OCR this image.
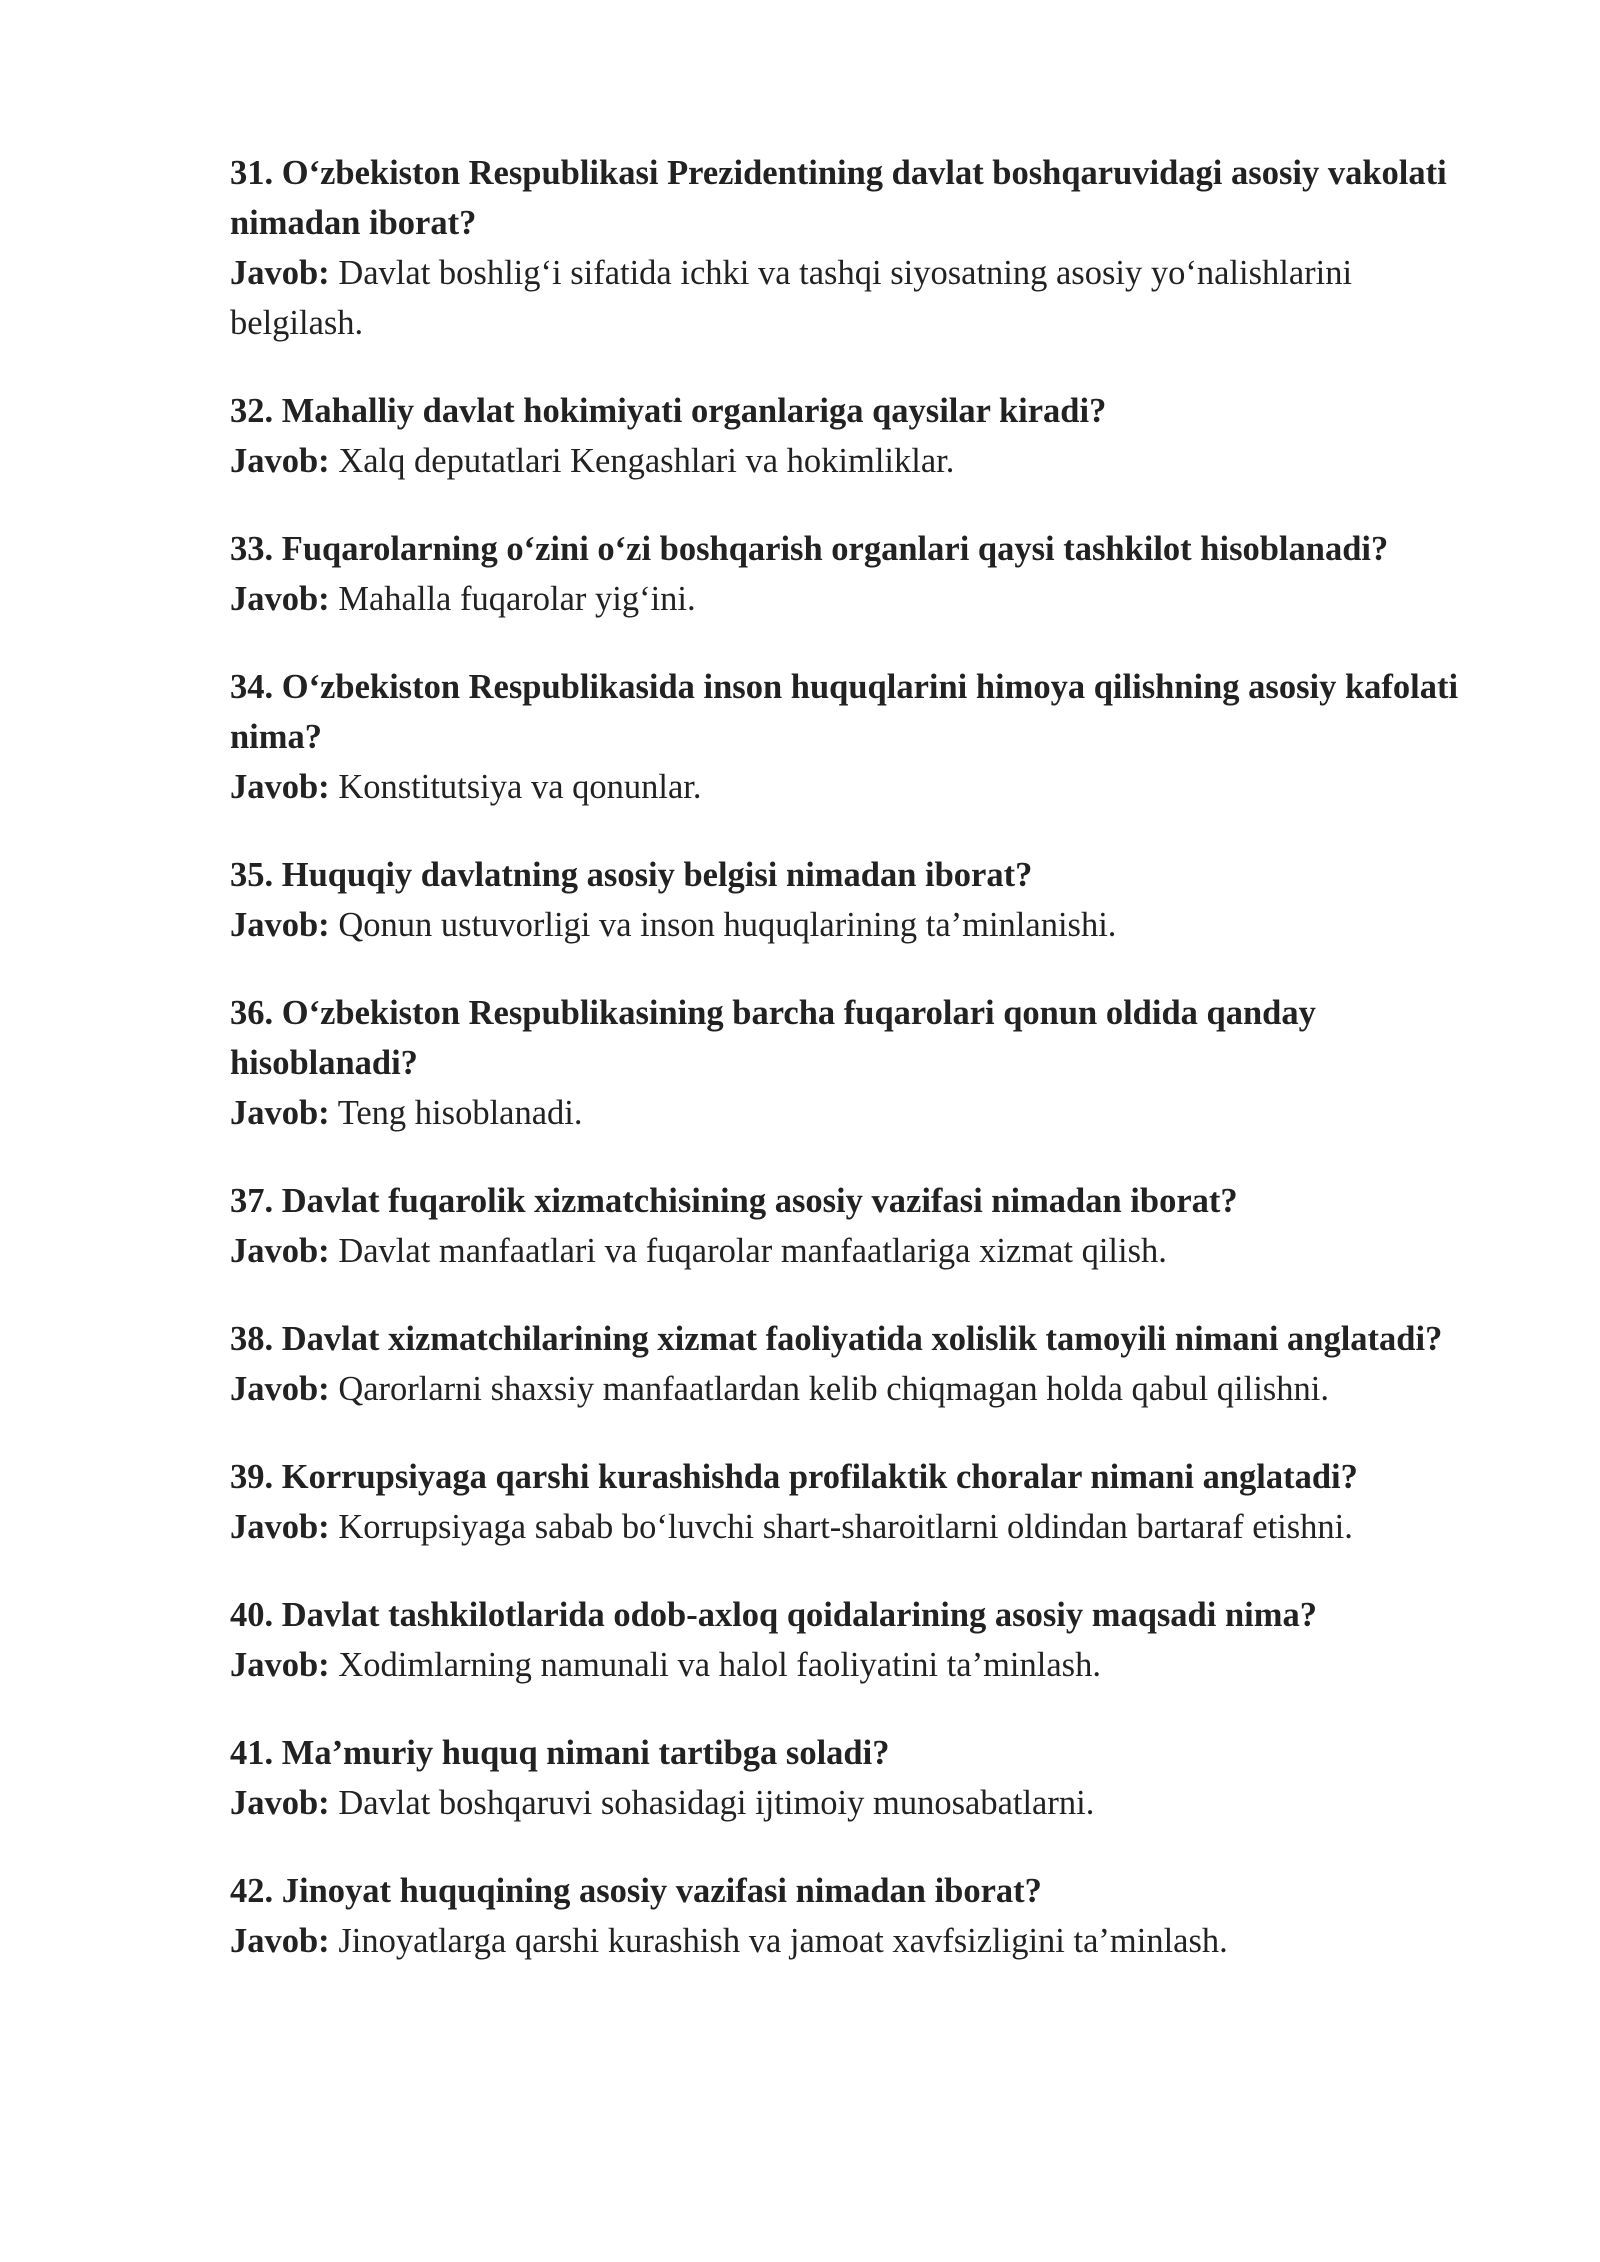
31. O‘zbekiston Respublikasi Prezidentining davlat boshqaruvidagi asosiy vakolati nimadan iborat?

Javob: Davlat boshlig‘i sifatida ichki va tashqi siyosatning asosiy yo‘nalishlarini belgilash.

32. Mahalliy davlat hokimiyati organlariga qaysilar kiradi?

Javob: Xalq deputatlari Kengashlari va hokimliklar.

33. Fuqarolarning o‘zini o‘zi boshqarish organlari qaysi tashkilot hisoblanadi?

Javob: Mahalla fuqarolar yig‘ini.

34. O‘zbekiston Respublikasida inson huquqlarini himoya qilishning asosiy kafolati nima?

Javob: Konstitutsiya va qonunlar.

35. Huquqiy davlatning asosiy belgisi nimadan iborat?

Javob: Qonun ustuvorligi va inson huquqlarining ta’minlanishi.

36. O‘zbekiston Respublikasining barcha fuqarolari qonun oldida qanday hisoblanadi?

Javob: Teng hisoblanadi.

37. Davlat fuqarolik xizmatchisining asosiy vazifasi nimadan iborat?

Javob: Davlat manfaatlari va fuqarolar manfaatlariga xizmat qilish.

38. Davlat xizmatchilarining xizmat faoliyatida xolislik tamoyili nimani anglatadi?

Javob: Qarorlarni shaxsiy manfaatlardan kelib chiqmagan holda qabul qilishni.

39. Korrupsiyaga qarshi kurashishda profilaktik choralar nimani anglatadi?

Javob: Korrupsiyaga sabab bo‘luvchi shart-sharoitlarni oldindan bartaraf etishni.

40. Davlat tashkilotlarida odob-axloq qoidalarining asosiy maqsadi nima?

Javob: Xodimlarning namunali va halol faoliyatini ta’minlash.

41. Ma’muriy huquq nimani tartibga soladi?

Javob: Davlat boshqaruvi sohasidagi ijtimoiy munosabatlarni.

42. Jinoyat huquqining asosiy vazifasi nimadan iborat?

Javob: Jinoyatlarga qarshi kurashish va jamoat xavfsizligini ta’minlash.
